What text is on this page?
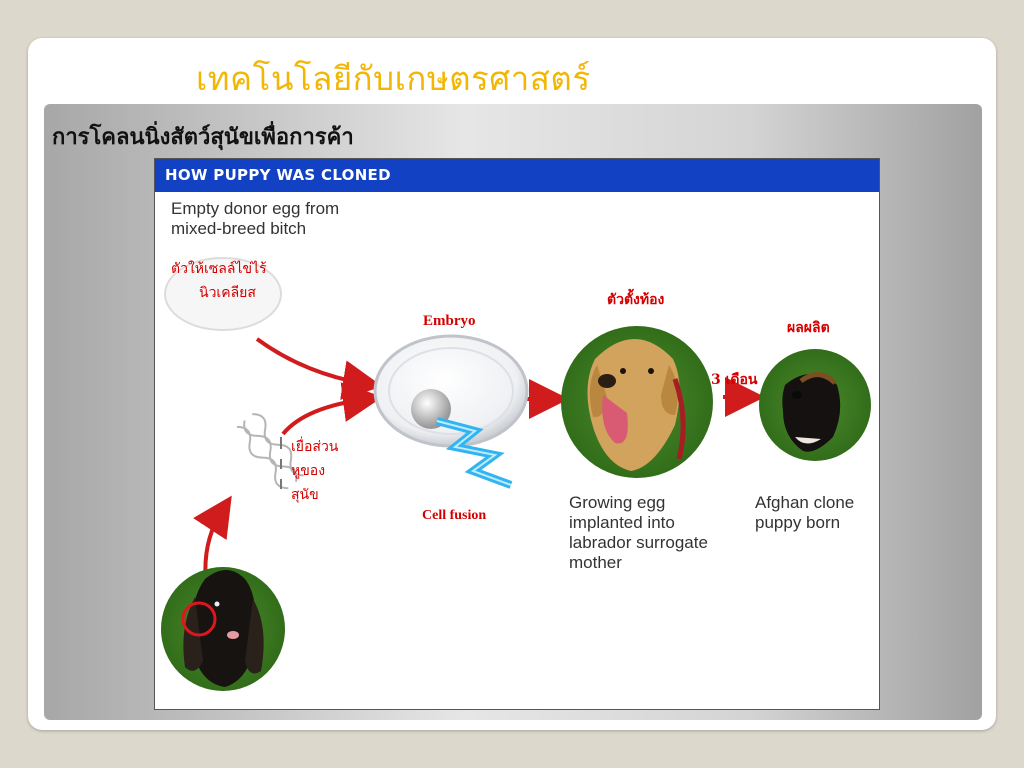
เทคโนโลยีกับเกษตรศาสตร์
การโคลนนิ่งสัตว์สุนัขเพื่อการค้า
HOW PUPPY WAS CLONED
Empty donor egg from
mixed-breed bitch
Growing egg
implanted into
labrador surrogate
mother
Afghan clone
puppy born
ตัวให้เซลล์ไข่ไร้
นิวเคลียส
Embryo
Cell fusion
เยื่อส่วน
หูของ
สุนัข
ตัวตั้งท้อง
3 เดือน
ผลผลิต
